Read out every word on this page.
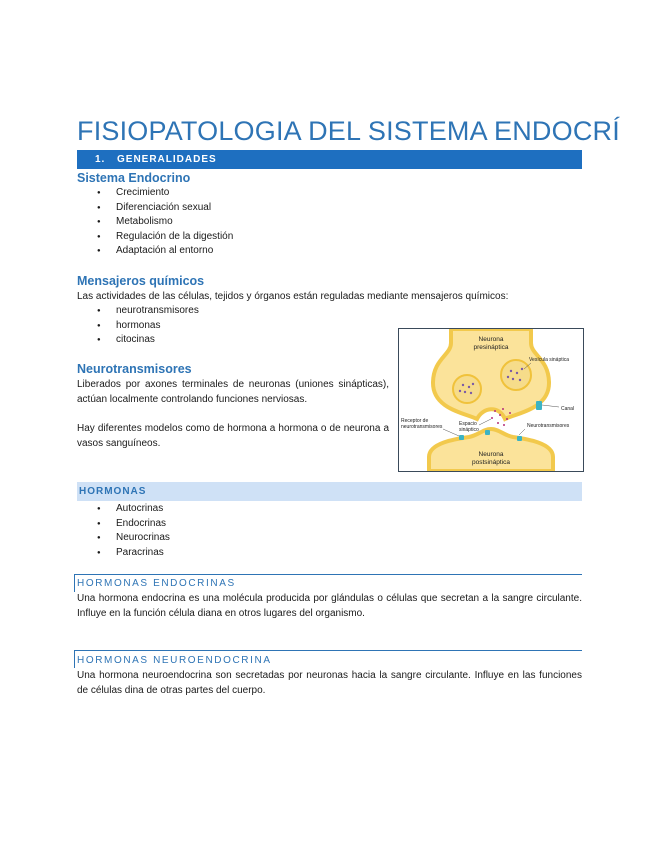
FISIOPATOLOGIA DEL SISTEMA ENDOCRÍ
1. GENERALIDADES
Sistema Endocrino
● Crecimiento
● Diferenciación sexual
● Metabolismo
● Regulación de la digestión
● Adaptación al entorno
Mensajeros químicos
Las actividades de las células, tejidos y órganos están reguladas mediante mensajeros químicos:
● neurotransmisores
● hormonas
● citocinas
Neurotransmisores
Liberados por axones terminales de neuronas (uniones sinápticas), actúan localmente controlando funciones nerviosas.
Hay diferentes modelos como de hormona a hormona o de neurona a vasos sanguíneos.
Neurona
presináptica
Vesícula sináptica
Canal
Receptor de
neurotransmisores	Espacio
sináptico
Neurotransmisores
Neurona
postsináptica
HORMONAS
● Autocrinas
● Endocrinas
● Neurocrinas
● Paracrinas
HORMONAS ENDOCRINAS
Una hormona endocrina es una molécula producida por glándulas o células que secretan a la sangre circulante. Influye en la función célula diana en otros lugares del organismo.
HORMONAS NEUROENDOCRINA
Una hormona neuroendocrina son secretadas por neuronas hacia la sangre circulante. Influye en las funciones de células dina de otras partes del cuerpo.
